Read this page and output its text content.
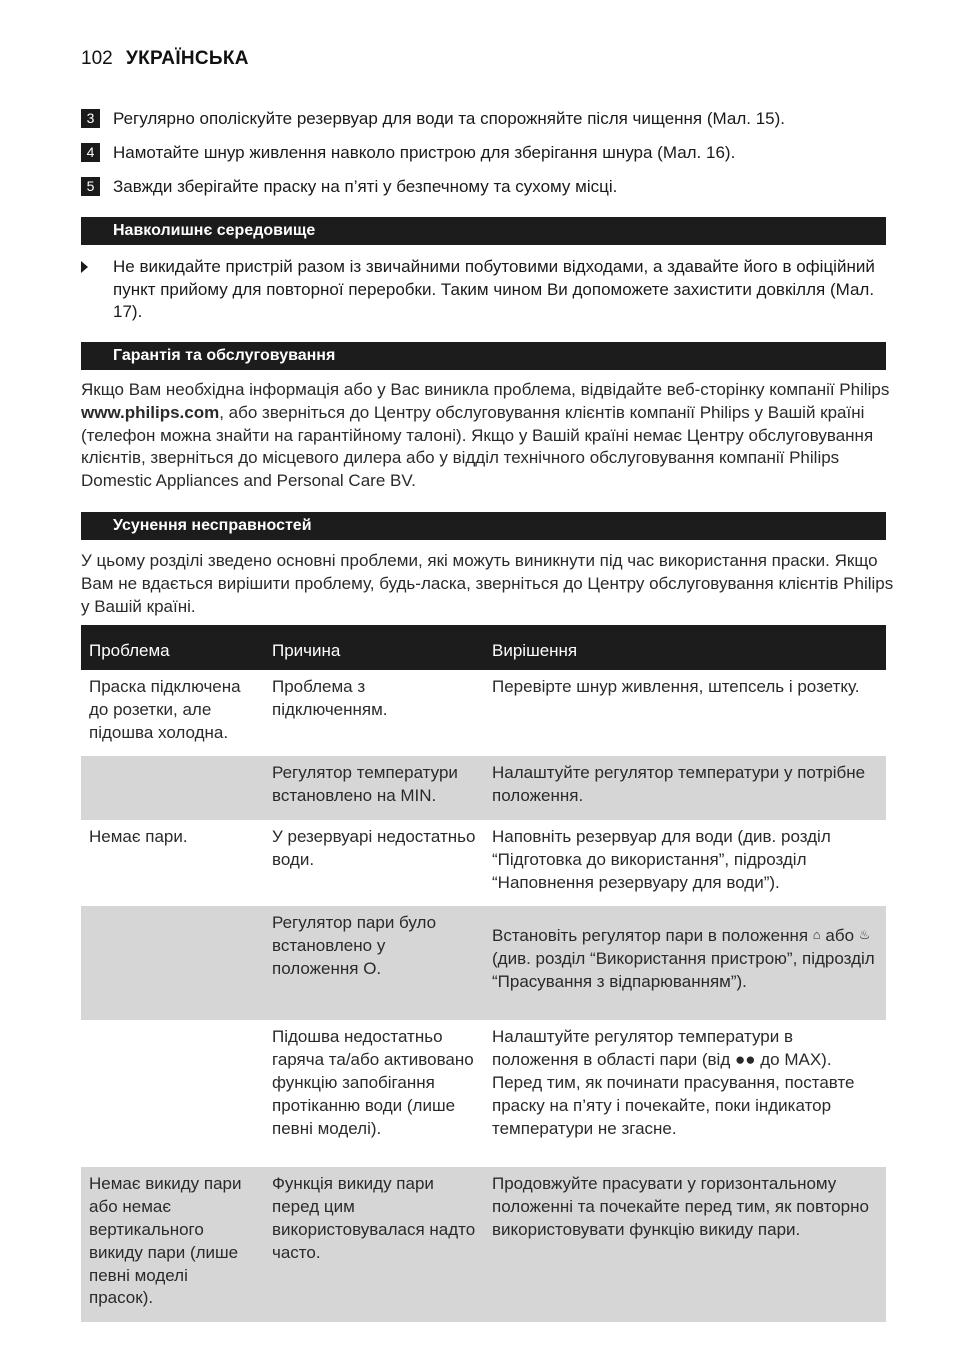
102 УКРАЇНСЬКА
3	Регулярно ополіскуйте резервуар для води та спорожняйте після чищення (Мал. 15).
4	Намотайте шнур живлення навколо пристрою для зберігання шнура (Мал. 16).
5	Завжди зберігайте праску на п’яті у безпечному та сухому місці.
Навколишнє середовище
Не викидайте пристрій разом із звичайними побутовими відходами, а здавайте його в офіційний пункт прийому для повторної переробки. Таким чином Ви допоможете захистити довкілля (Мал. 17).
Гарантія та обслуговування
Якщо Вам необхідна інформація або у Вас виникла проблема, відвідайте веб-сторінку компанії Philips www.philips.com, або зверніться до Центру обслуговування клієнтів компанії Philips у Вашій країні (телефон можна знайти на гарантійному талоні). Якщо у Вашій країні немає Центру обслуговування клієнтів, зверніться до місцевого дилера або у відділ технічного обслуговування компанії Philips Domestic Appliances and Personal Care BV.
Усунення несправностей
У цьому розділі зведено основні проблеми, які можуть виникнути під час використання праски. Якщо Вам не вдається вирішити проблему, будь-ласка, зверніться до Центру обслуговування клієнтів Philips у Вашій країні.
Проблема	Причина	Вирішення
Праска підключена до розетки, але підошва холодна.	Проблема з підключенням.	Перевірте шнур живлення, штепсель і розетку.
	Регулятор температури встановлено на MIN.	Налаштуйте регулятор температури у потрібне положення.
Немає пари.	У резервуарі недостатньо води.	Наповніть резервуар для води (див. розділ “Підготовка до використання”, підрозділ “Наповнення резервуару для води”).
	Регулятор пари було встановлено у положення O.	Встановіть регулятор пари в положення ⌂ або ♨ (див. розділ “Використання пристрою”, підрозділ “Прасування з відпарюванням”).
	Підошва недостатньо гаряча та/або активовано функцію запобігання протіканню води (лише певні моделі).	Налаштуйте регулятор температури в положення в області пари (від ●● до MAX). Перед тим, як починати прасування, поставте праску на п’яту і почекайте, поки індикатор температури не згасне.
Немає викиду пари або немає вертикального викиду пари (лише певні моделі прасок).	Функція викиду пари перед цим використовувалася надто часто.	Продовжуйте прасувати у горизонтальному положенні та почекайте перед тим, як повторно використовувати функцію викиду пари.
